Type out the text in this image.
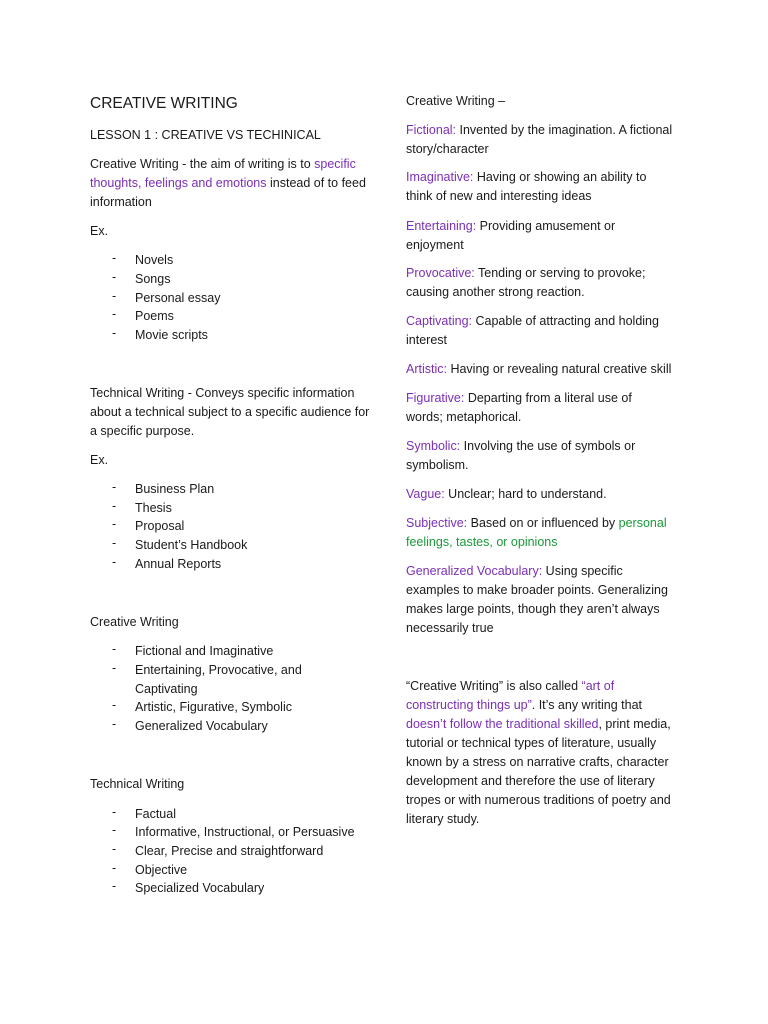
CREATIVE WRITING
LESSON 1 : CREATIVE VS TECHINICAL
Creative Writing - the aim of writing is to specific thoughts, feelings and emotions instead of to feed information
Ex.
- Novels
- Songs
- Personal essay
- Poems
- Movie scripts
Technical Writing - Conveys specific information about a technical subject to a specific audience for a specific purpose.
Ex.
- Business Plan
- Thesis
- Proposal
- Student’s Handbook
- Annual Reports
Creative Writing
- Fictional and Imaginative
- Entertaining, Provocative, and Captivating
- Artistic, Figurative, Symbolic
- Generalized Vocabulary
Technical Writing
- Factual
- Informative, Instructional, or Persuasive
- Clear, Precise and straightforward
- Objective
- Specialized Vocabulary
Creative Writing –
Fictional: Invented by the imagination. A fictional story/character
Imaginative: Having or showing an ability to think of new and interesting ideas
Entertaining: Providing amusement or enjoyment
Provocative: Tending or serving to provoke; causing another strong reaction.
Captivating: Capable of attracting and holding interest
Artistic: Having or revealing natural creative skill
Figurative: Departing from a literal use of words; metaphorical.
Symbolic: Involving the use of symbols or symbolism.
Vague: Unclear; hard to understand.
Subjective: Based on or influenced by personal feelings, tastes, or opinions
Generalized Vocabulary: Using specific examples to make broader points. Generalizing makes large points, though they aren’t always necessarily true
“Creative Writing” is also called “art of constructing things up”. It’s any writing that doesn’t follow the traditional skilled, print media, tutorial or technical types of literature, usually known by a stress on narrative crafts, character development and therefore the use of literary tropes or with numerous traditions of poetry and literary study.
